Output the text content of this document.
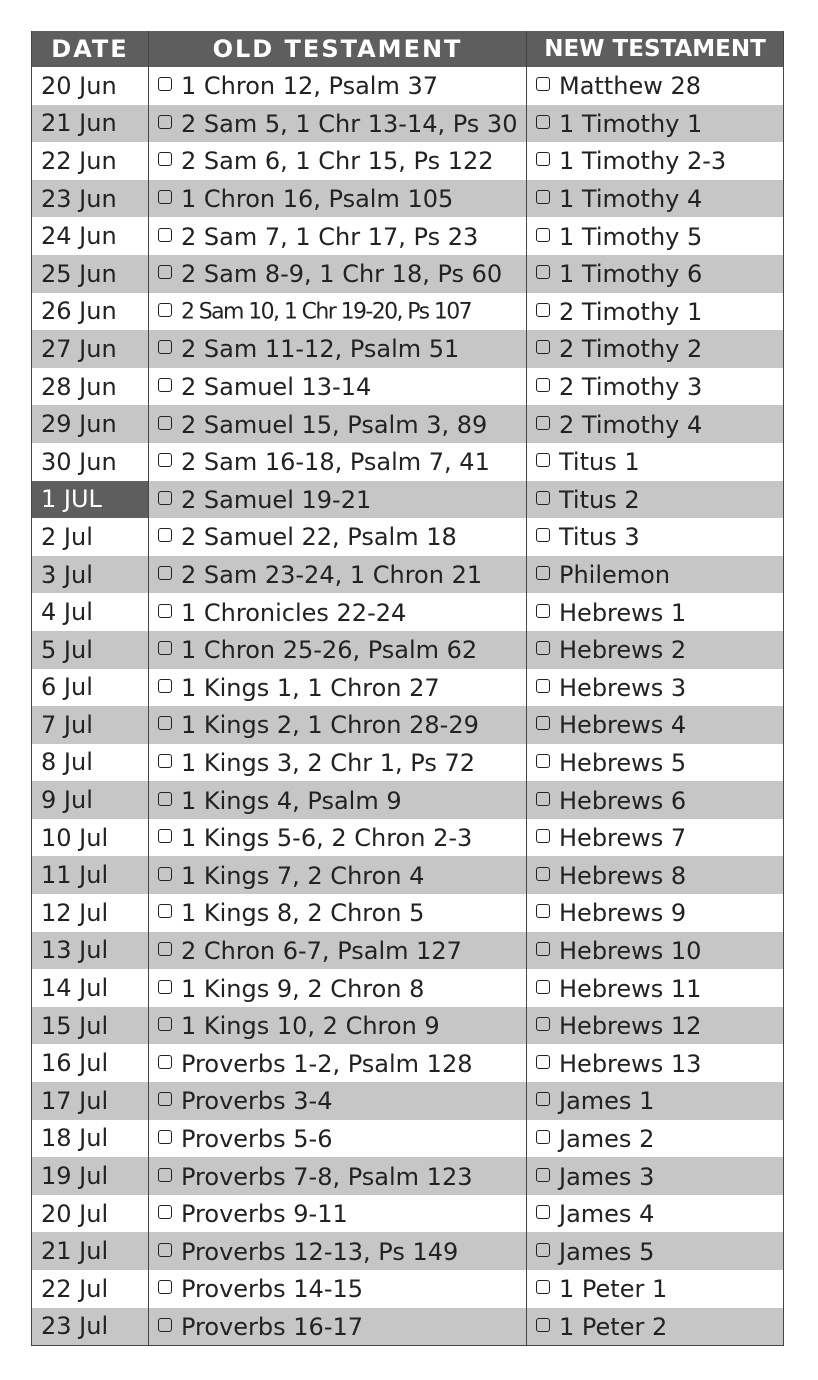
DATE	OLD TESTAMENT	NEW TESTAMENT
20 Jun	1 Chron 12, Psalm 37	Matthew 28
21 Jun	2 Sam 5, 1 Chr 13-14, Ps 30	1 Timothy 1
22 Jun	2 Sam 6, 1 Chr 15, Ps 122	1 Timothy 2-3
23 Jun	1 Chron 16, Psalm 105	1 Timothy 4
24 Jun	2 Sam 7, 1 Chr 17, Ps 23	1 Timothy 5
25 Jun	2 Sam 8-9, 1 Chr 18, Ps 60	1 Timothy 6
26 Jun	2 Sam 10, 1 Chr 19-20, Ps 107	2 Timothy 1
27 Jun	2 Sam 11-12, Psalm 51	2 Timothy 2
28 Jun	2 Samuel 13-14	2 Timothy 3
29 Jun	2 Samuel 15, Psalm 3, 89	2 Timothy 4
30 Jun	2 Sam 16-18, Psalm 7, 41	Titus 1
1 JUL	2 Samuel 19-21	Titus 2
2 Jul	2 Samuel 22, Psalm 18	Titus 3
3 Jul	2 Sam 23-24, 1 Chron 21	Philemon
4 Jul	1 Chronicles 22-24	Hebrews 1
5 Jul	1 Chron 25-26, Psalm 62	Hebrews 2
6 Jul	1 Kings 1, 1 Chron 27	Hebrews 3
7 Jul	1 Kings 2, 1 Chron 28-29	Hebrews 4
8 Jul	1 Kings 3, 2 Chr 1, Ps 72	Hebrews 5
9 Jul	1 Kings 4, Psalm 9	Hebrews 6
10 Jul	1 Kings 5-6, 2 Chron 2-3	Hebrews 7
11 Jul	1 Kings 7, 2 Chron 4	Hebrews 8
12 Jul	1 Kings 8, 2 Chron 5	Hebrews 9
13 Jul	2 Chron 6-7, Psalm 127	Hebrews 10
14 Jul	1 Kings 9, 2 Chron 8	Hebrews 11
15 Jul	1 Kings 10, 2 Chron 9	Hebrews 12
16 Jul	Proverbs 1-2, Psalm 128	Hebrews 13
17 Jul	Proverbs 3-4	James 1
18 Jul	Proverbs 5-6	James 2
19 Jul	Proverbs 7-8, Psalm 123	James 3
20 Jul	Proverbs 9-11	James 4
21 Jul	Proverbs 12-13, Ps 149	James 5
22 Jul	Proverbs 14-15	1 Peter 1
23 Jul	Proverbs 16-17	1 Peter 2
